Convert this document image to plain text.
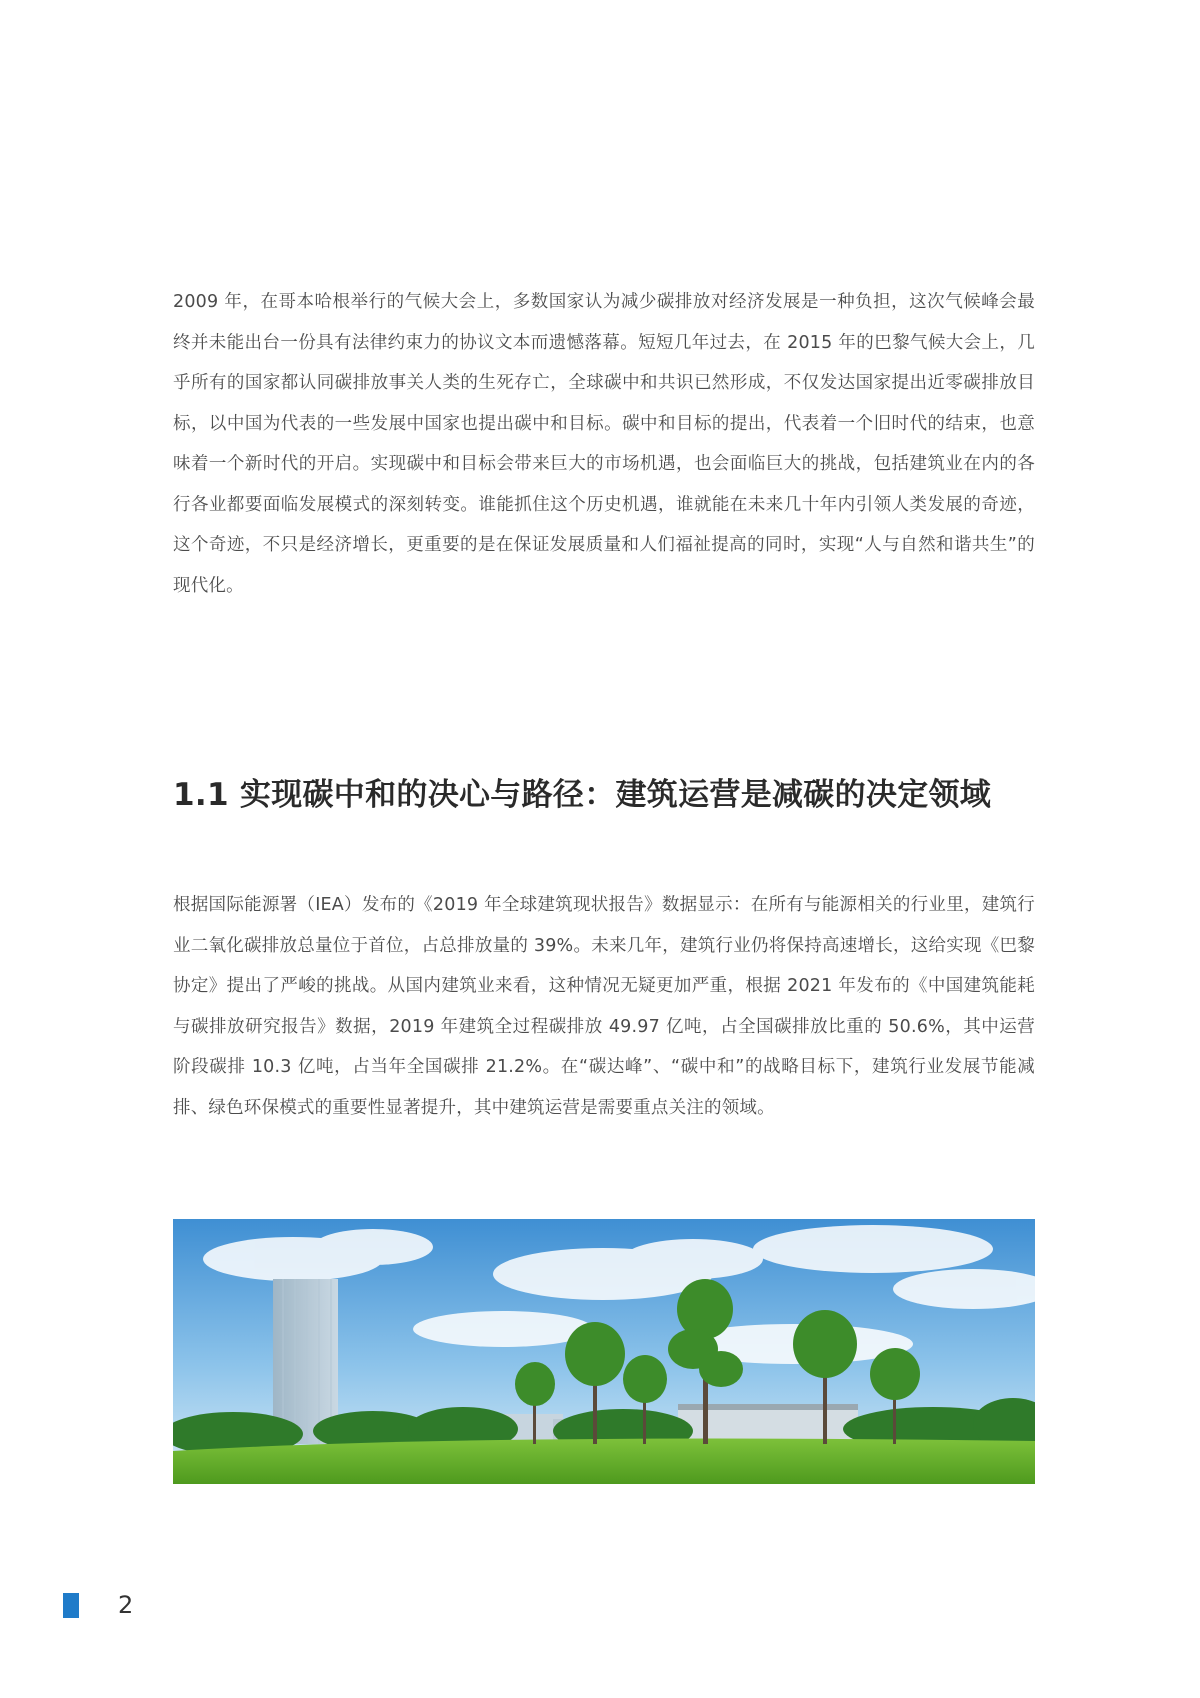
2009 年，在哥本哈根举行的气候大会上，多数国家认为减少碳排放对经济发展是一种负担，这次气候峰会最终并未能出台一份具有法律约束力的协议文本而遗憾落幕。短短几年过去，在 2015 年的巴黎气候大会上，几乎所有的国家都认同碳排放事关人类的生死存亡，全球碳中和共识已然形成，不仅发达国家提出近零碳排放目标，以中国为代表的一些发展中国家也提出碳中和目标。碳中和目标的提出，代表着一个旧时代的结束，也意味着一个新时代的开启。实现碳中和目标会带来巨大的市场机遇，也会面临巨大的挑战，包括建筑业在内的各行各业都要面临发展模式的深刻转变。谁能抓住这个历史机遇，谁就能在未来几十年内引领人类发展的奇迹，这个奇迹，不只是经济增长，更重要的是在保证发展质量和人们福祉提高的同时，实现“人与自然和谐共生”的现代化。

1.1 实现碳中和的决心与路径：建筑运营是减碳的决定领域

根据国际能源署（IEA）发布的《2019 年全球建筑现状报告》数据显示：在所有与能源相关的行业里，建筑行业二氧化碳排放总量位于首位，占总排放量的 39%。未来几年，建筑行业仍将保持高速增长，这给实现《巴黎协定》提出了严峻的挑战。从国内建筑业来看，这种情况无疑更加严重，根据 2021 年发布的《中国建筑能耗与碳排放研究报告》数据，2019 年建筑全过程碳排放 49.97 亿吨，占全国碳排放比重的 50.6%，其中运营阶段碳排 10.3 亿吨，占当年全国碳排 21.2%。在“碳达峰”、“碳中和”的战略目标下，建筑行业发展节能减排、绿色环保模式的重要性显著提升，其中建筑运营是需要重点关注的领域。

2
